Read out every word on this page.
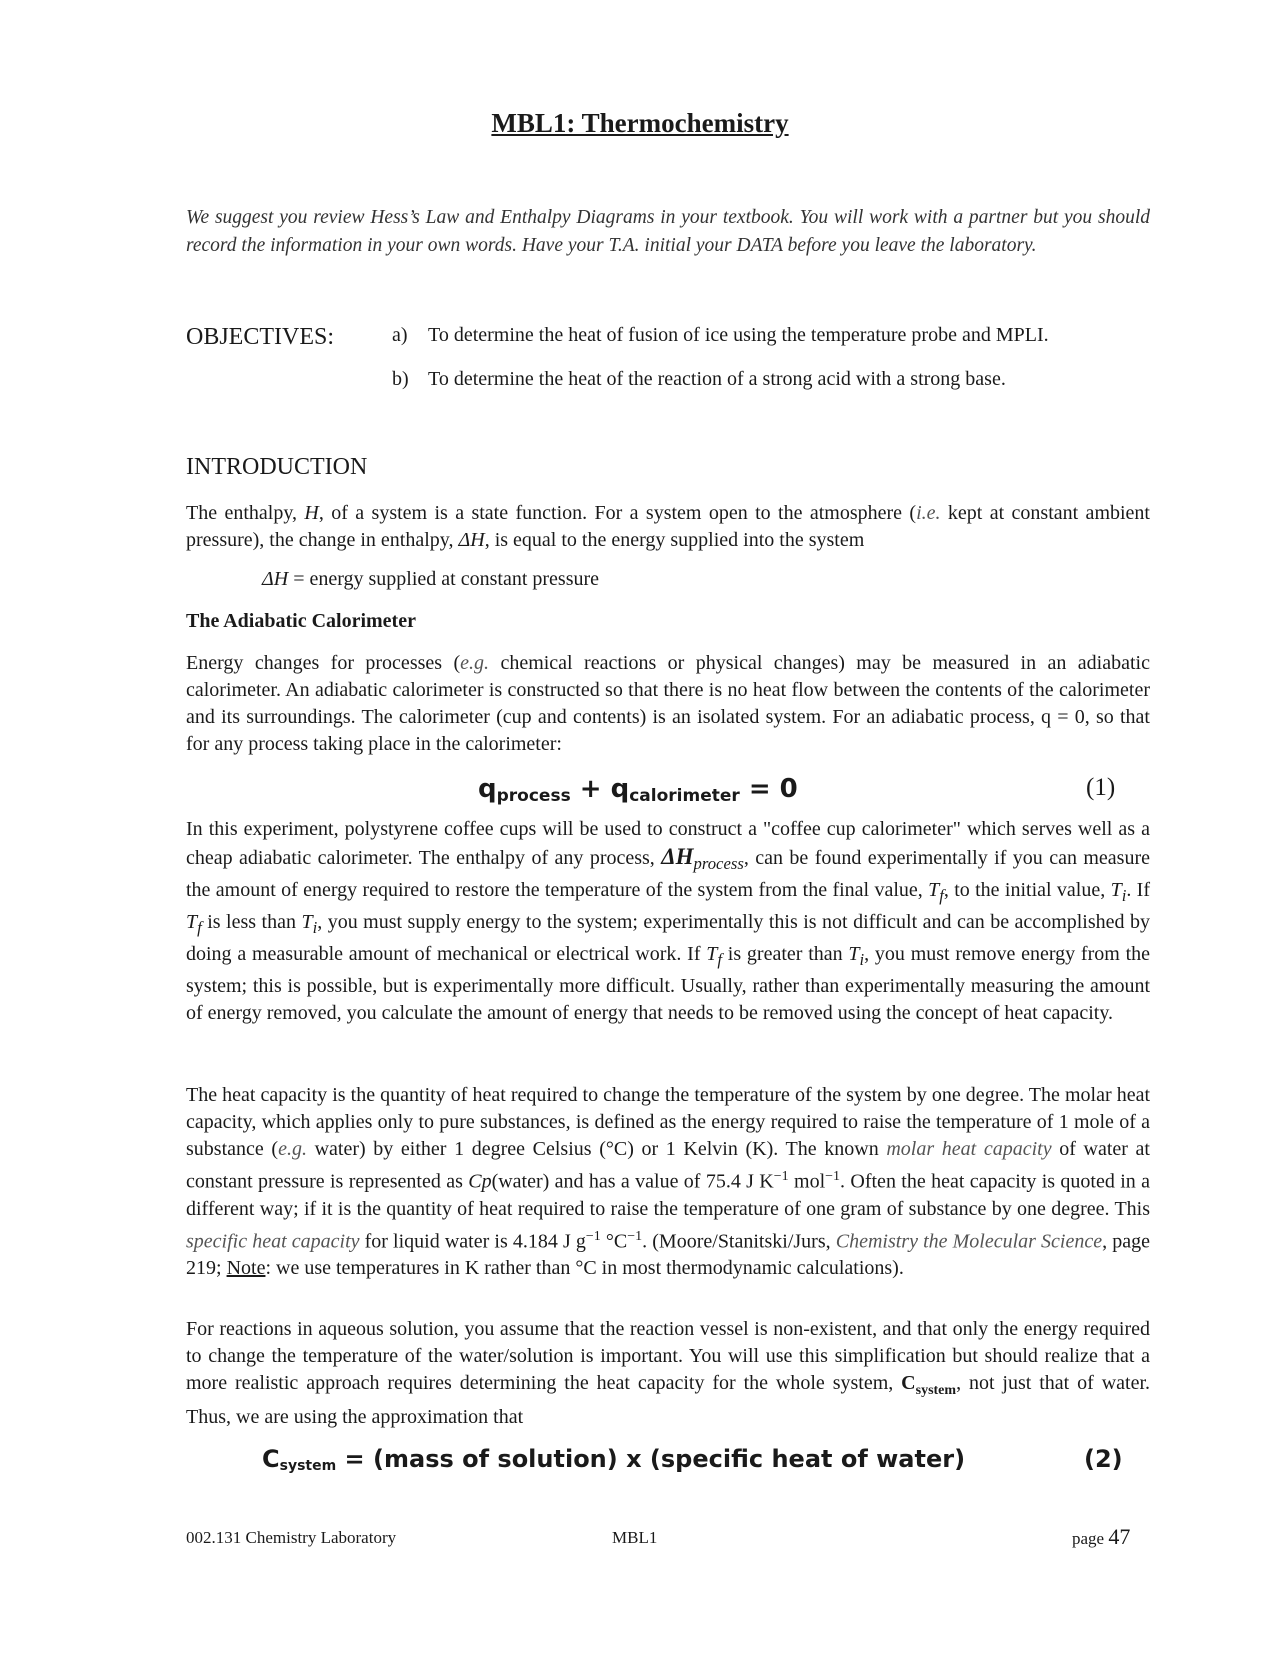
MBL1: Thermochemistry
We suggest you review Hess’s Law and Enthalpy Diagrams in your textbook. You will work with a partner but you should record the information in your own words. Have your T.A. initial your DATA before you leave the laboratory.
OBJECTIVES:	a) To determine the heat of fusion of ice using the temperature probe and MPLI.
b) To determine the heat of the reaction of a strong acid with a strong base.
INTRODUCTION
The enthalpy, H, of a system is a state function. For a system open to the atmosphere (i.e. kept at constant ambient pressure), the change in enthalpy, ΔH, is equal to the energy supplied into the system
ΔH = energy supplied at constant pressure
The Adiabatic Calorimeter
Energy changes for processes (e.g. chemical reactions or physical changes) may be measured in an adiabatic calorimeter. An adiabatic calorimeter is constructed so that there is no heat flow between the contents of the calorimeter and its surroundings. The calorimeter (cup and contents) is an isolated system. For an adiabatic process, q = 0, so that for any process taking place in the calorimeter:
$q_{process} + q_{calorimeter} = 0$	(1)
In this experiment, polystyrene coffee cups will be used to construct a "coffee cup calorimeter" which serves well as a cheap adiabatic calorimeter. The enthalpy of any process, $\Delta H_{process}$, can be found experimentally if you can measure the amount of energy required to restore the temperature of the system from the final value, $T_f$, to the initial value, $T_i$. If $T_f$ is less than $T_i$, you must supply energy to the system; experimentally this is not difficult and can be accomplished by doing a measurable amount of mechanical or electrical work. If $T_f$ is greater than $T_i$, you must remove energy from the system; this is possible, but is experimentally more difficult. Usually, rather than experimentally measuring the amount of energy removed, you calculate the amount of energy that needs to be removed using the concept of heat capacity.
The heat capacity is the quantity of heat required to change the temperature of the system by one degree. The molar heat capacity, which applies only to pure substances, is defined as the energy required to raise the temperature of 1 mole of a substance (e.g. water) by either 1 degree Celsius (°C) or 1 Kelvin (K). The known molar heat capacity of water at constant pressure is represented as Cp(water) and has a value of 75.4 J $K^{-1}$ mol$^{-1}$. Often the heat capacity is quoted in a different way; if it is the quantity of heat required to raise the temperature of one gram of substance by one degree. This specific heat capacity for liquid water is 4.184 J $g^{-1}$ $^\circ C^{-1}$. (Moore/Stanitski/Jurs, Chemistry the Molecular Science, page 219; Note: we use temperatures in K rather than °C in most thermodynamic calculations).
For reactions in aqueous solution, you assume that the reaction vessel is non-existent, and that only the energy required to change the temperature of the water/solution is important. You will use this simplification but should realize that a more realistic approach requires determining the heat capacity for the whole system, $C_{system}$, not just that of water. Thus, we are using the approximation that
$C_{system}$ = (mass of solution) x (specific heat of water)	(2)
002.131 Chemistry Laboratory	MBL1	page 47
